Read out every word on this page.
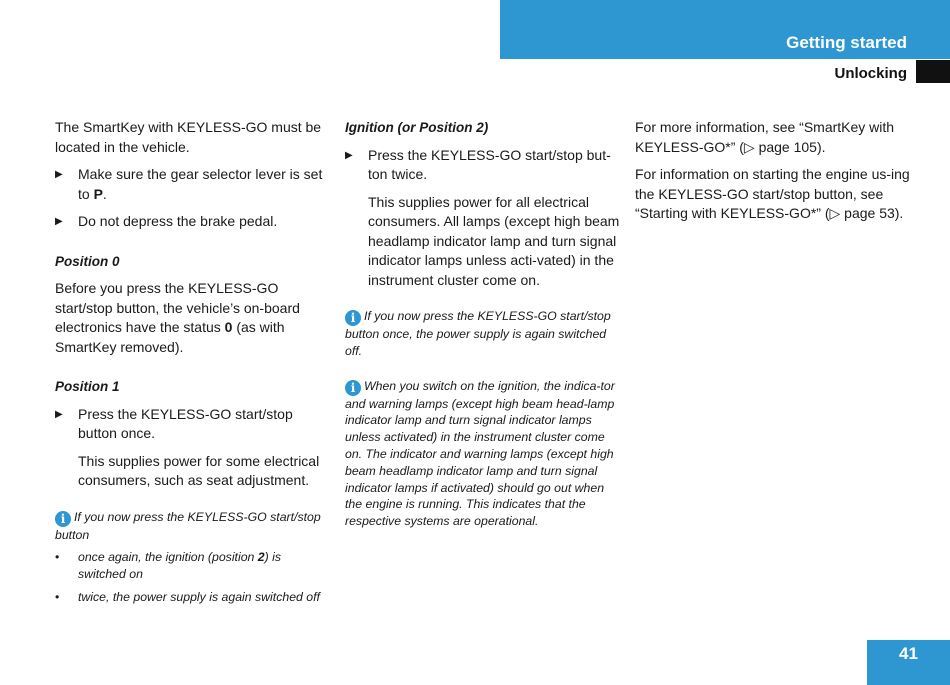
Getting started
Unlocking

The SmartKey with KEYLESS-GO must be located in the vehicle.

▶	Make sure the gear selector lever is set to P.
▶	Do not depress the brake pedal.
Position 0

Before you press the KEYLESS-GO start/stop button, the vehicle’s on-board electronics have the status 0 (as with SmartKey removed).

Position 1
▶	Press the KEYLESS-GO start/stop button once.

This supplies power for some electrical consumers, such as seat adjustment.

i If you now press the KEYLESS-GO start/stop button
•	once again, the ignition (position 2) is switched on
•	twice, the power supply is again switched off
Ignition (or Position 2)
▶	Press the KEYLESS-GO start/stop but-ton twice.

This supplies power for all electrical consumers. All lamps (except high beam headlamp indicator lamp and turn signal indicator lamps unless acti-vated) in the instrument cluster come on.

i If you now press the KEYLESS-GO start/stop button once, the power supply is again switched off.
i When you switch on the ignition, the indica-tor and warning lamps (except high beam head-lamp indicator lamp and turn signal indicator lamps unless activated) in the instrument cluster come on. The indicator and warning lamps (except high beam headlamp indicator lamp and turn signal indicator lamps if activated) should go out when the engine is running. This indicates that the respective systems are operational.

For more information, see “SmartKey with KEYLESS-GO*” (▷ page 105).

For information on starting the engine us-ing the KEYLESS-GO start/stop button, see “Starting with KEYLESS-GO*” (▷ page 53).

41
